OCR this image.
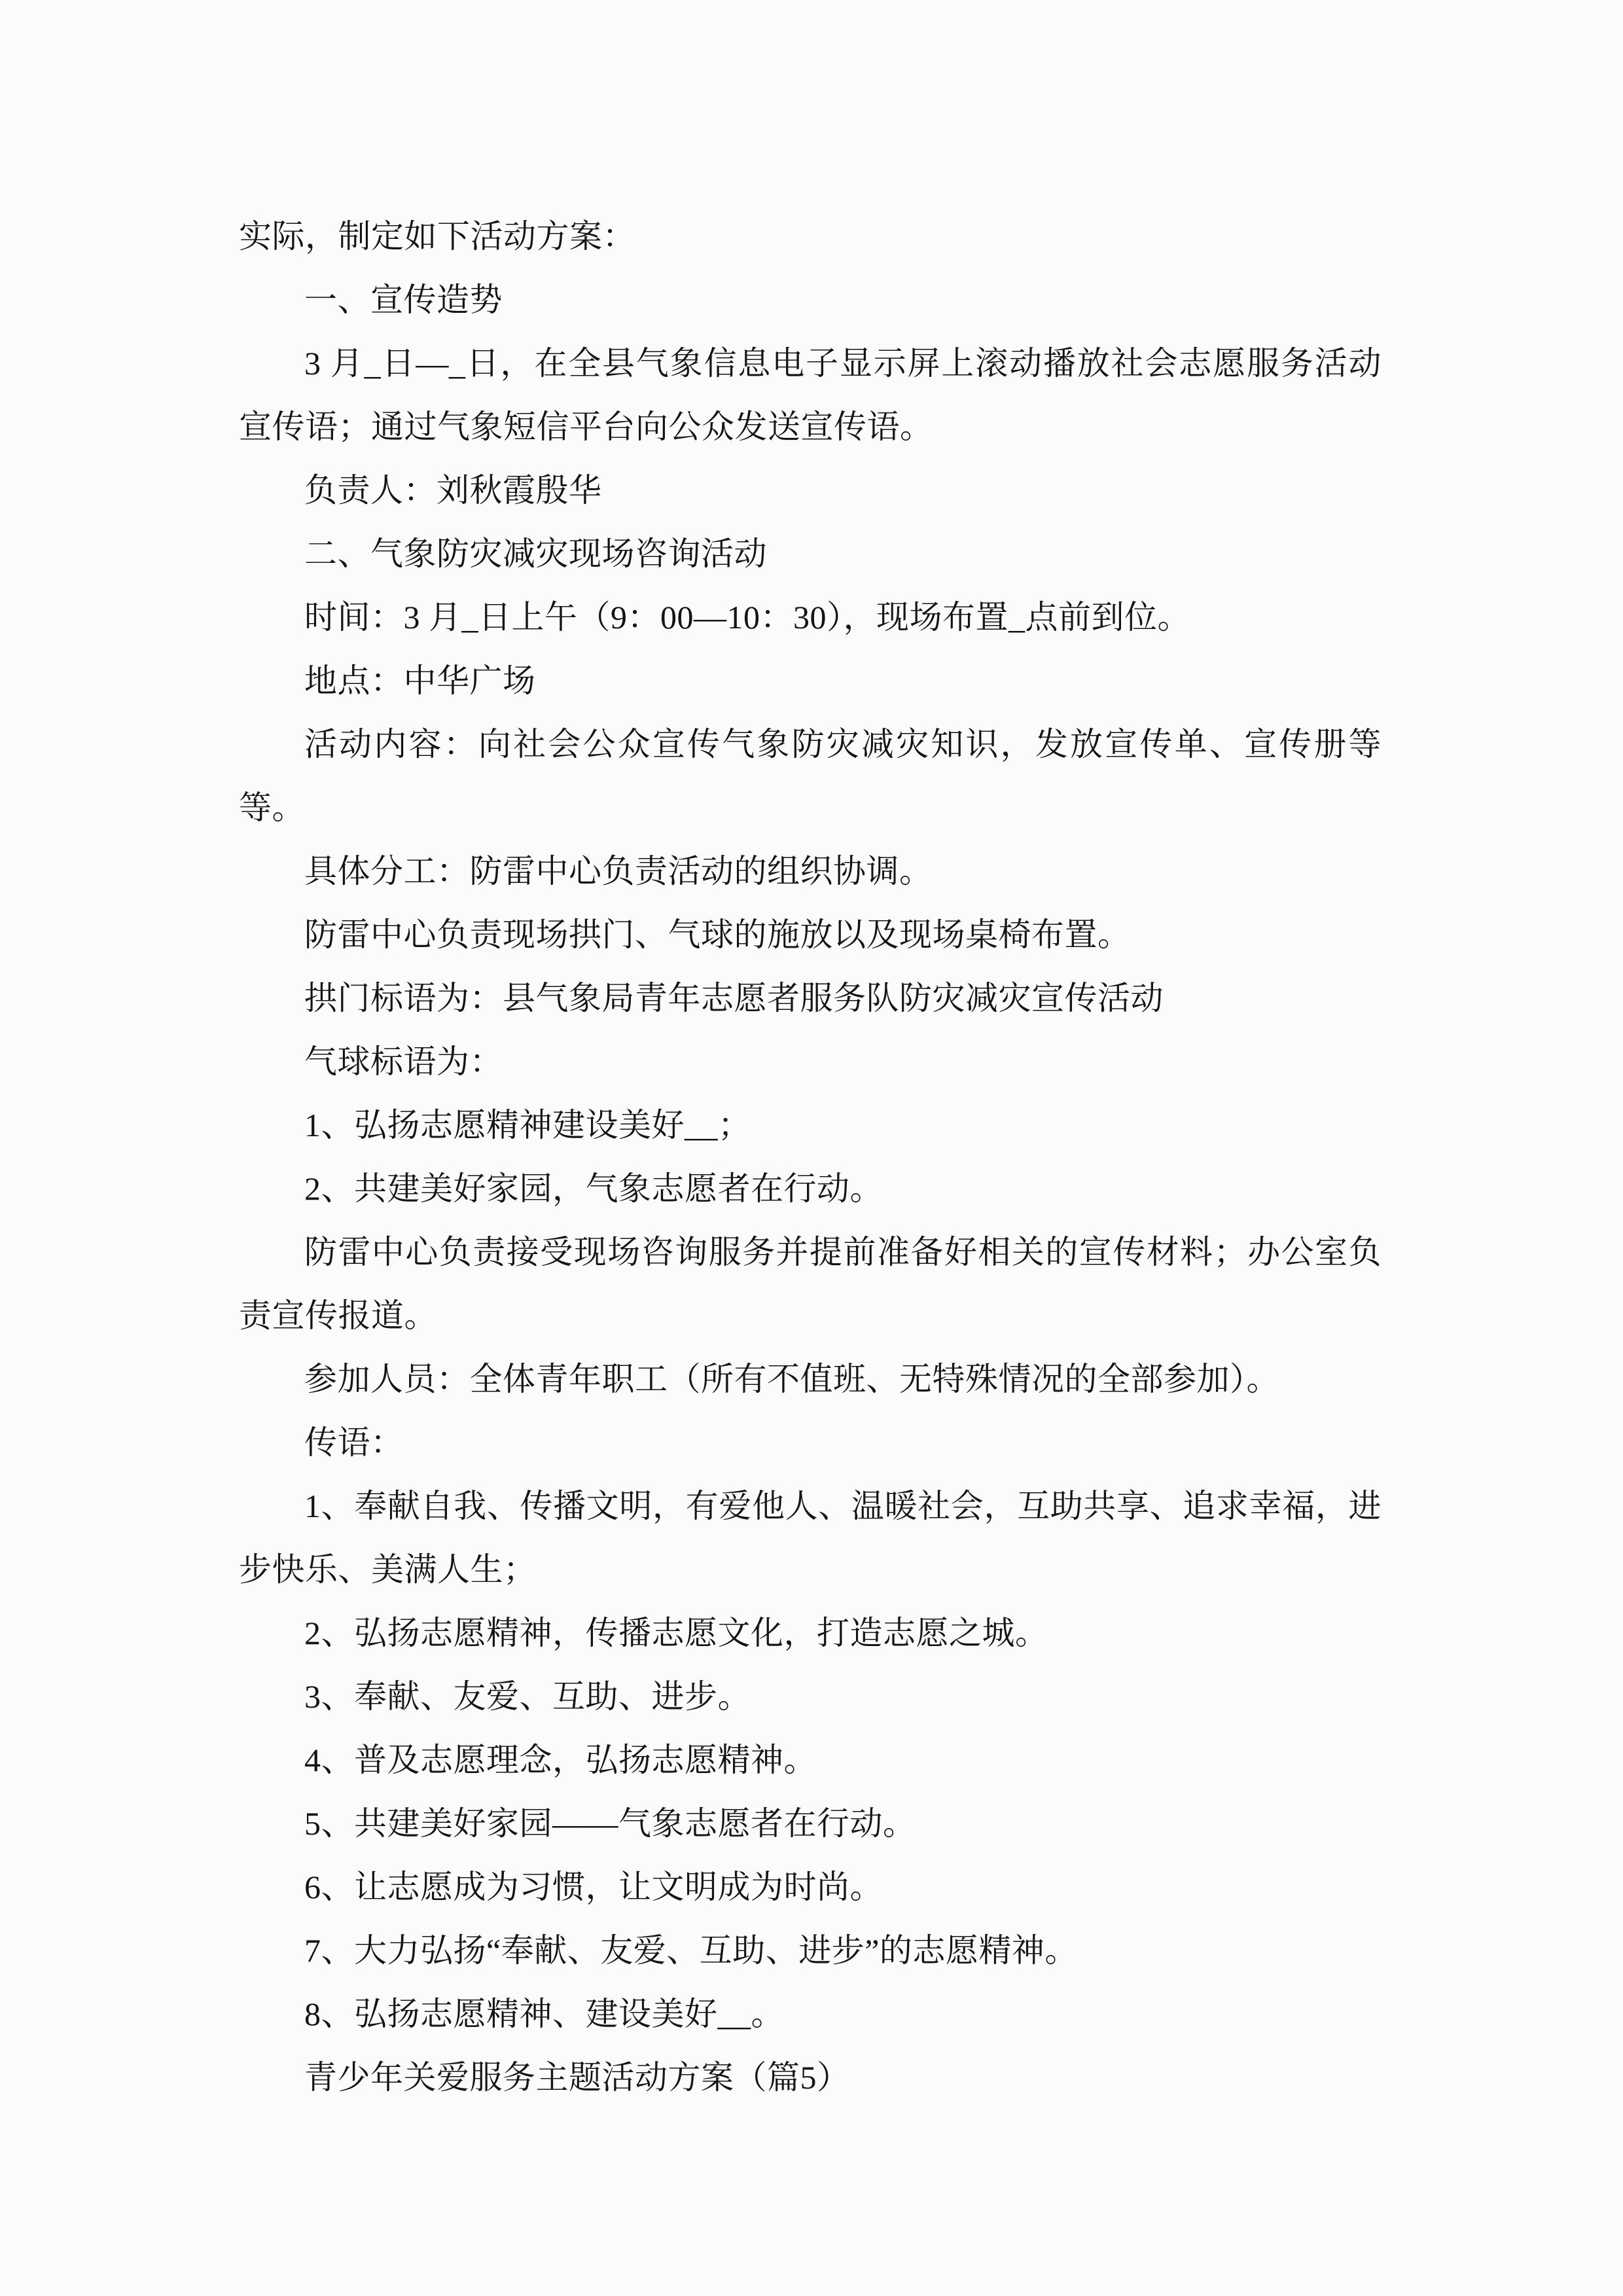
实际，制定如下活动方案：

一、宣传造势

3 月_日—_日，在全县气象信息电子显示屏上滚动播放社会志愿服务活动宣传语；通过气象短信平台向公众发送宣传语。

负责人：刘秋霞殷华

二、气象防灾减灾现场咨询活动

时间：3 月_日上午（9：00—10：30），现场布置_点前到位。

地点：中华广场

活动内容：向社会公众宣传气象防灾减灾知识，发放宣传单、宣传册等等。

具体分工：防雷中心负责活动的组织协调。

防雷中心负责现场拱门、气球的施放以及现场桌椅布置。

拱门标语为：县气象局青年志愿者服务队防灾减灾宣传活动

气球标语为：

1、弘扬志愿精神建设美好__；

2、共建美好家园，气象志愿者在行动。

防雷中心负责接受现场咨询服务并提前准备好相关的宣传材料；办公室负责宣传报道。

参加人员：全体青年职工（所有不值班、无特殊情况的全部参加）。

传语：

1、奉献自我、传播文明，有爱他人、温暖社会，互助共享、追求幸福，进步快乐、美满人生；

2、弘扬志愿精神，传播志愿文化，打造志愿之城。

3、奉献、友爱、互助、进步。

4、普及志愿理念，弘扬志愿精神。

5、共建美好家园——气象志愿者在行动。

6、让志愿成为习惯，让文明成为时尚。

7、大力弘扬“奉献、友爱、互助、进步”的志愿精神。

8、弘扬志愿精神、建设美好__。

青少年关爱服务主题活动方案（篇5）
